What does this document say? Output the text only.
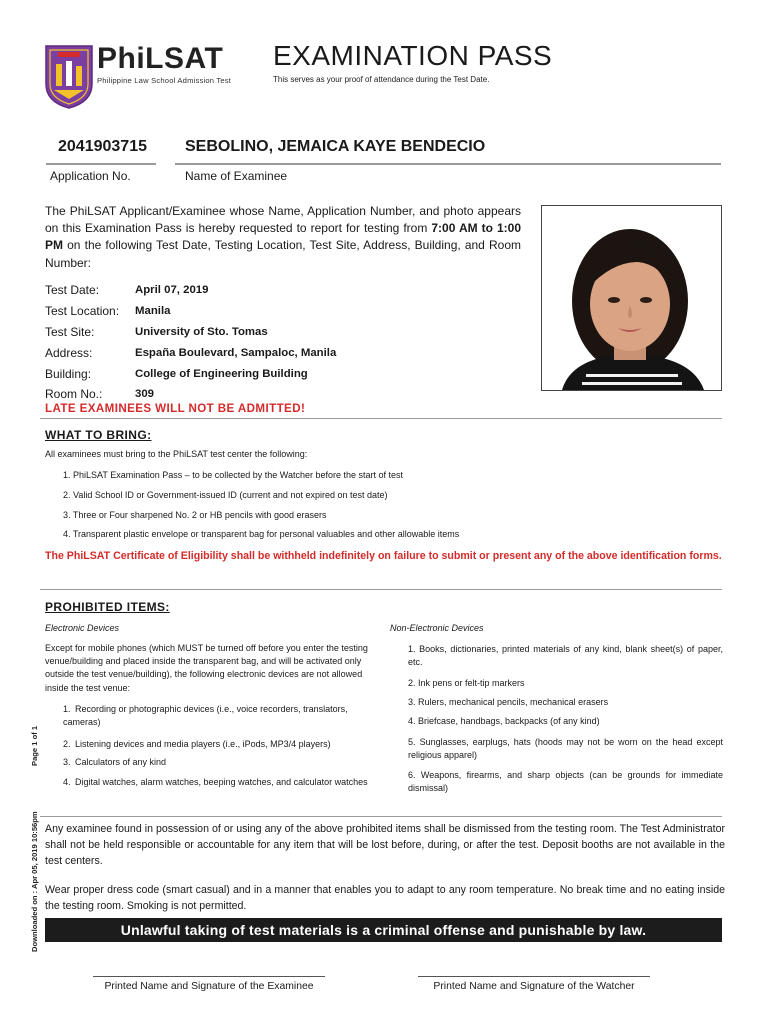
PhiLSAT
Philippine Law School Admission Test
EXAMINATION PASS
This serves as your proof of attendance during the Test Date.
2041903715 SEBOLINO, JEMAICA KAYE BENDECIO
Application No.	Name of Examinee
The PhiLSAT Applicant/Examinee whose Name, Application Number, and photo appears on this Examination Pass is hereby requested to report for testing from 7:00 AM to 1:00 PM on the following Test Date, Testing Location, Test Site, Address, Building, and Room Number:
Test Date:	April 07, 2019
Test Location: Manila
Test Site:	University of Sto. Tomas
Address:	España Boulevard, Sampaloc, Manila
Building:	College of Engineering Building
Room No.:	309
LATE EXAMINEES WILL NOT BE ADMITTED!
WHAT TO BRING:
All examinees must bring to the PhiLSAT test center the following:
1. PhiLSAT Examination Pass – to be collected by the Watcher before the start of test
2. Valid School ID or Government-issued ID (current and not expired on test date)
3. Three or Four sharpened No. 2 or HB pencils with good erasers
4. Transparent plastic envelope or transparent bag for personal valuables and other allowable items
The PhiLSAT Certificate of Eligibility shall be withheld indefinitely on failure to submit or present any of the above identification forms.
PROHIBITED ITEMS:
Electronic Devices	Non-Electronic Devices
Except for mobile phones (which MUST be turned off before you enter the testing venue/building and placed inside the transparent bag, and will be activated only outside the test venue/building), the following electronic devices are not allowed inside the test venue:
1. Recording or photographic devices (i.e., voice recorders, translators, cameras)
2. Listening devices and media players (i.e., iPods, MP3/4 players)
3. Calculators of any kind
4. Digital watches, alarm watches, beeping watches, and calculator watches
1. Books, dictionaries, printed materials of any kind, blank sheet(s) of paper, etc.
2. Ink pens or felt-tip markers
3. Rulers, mechanical pencils, mechanical erasers
4. Briefcase, handbags, backpacks (of any kind)
5. Sunglasses, earplugs, hats (hoods may not be worn on the head except religious apparel)
6. Weapons, firearms, and sharp objects (can be grounds for immediate dismissal)
Any examinee found in possession of or using any of the above prohibited items shall be dismissed from the testing room. The Test Administrator shall not be held responsible or accountable for any item that will be lost before, during, or after the test. Deposit booths are not available in the test centers.
Wear proper dress code (smart casual) and in a manner that enables you to adapt to any room temperature. No break time and no eating inside the testing room. Smoking is not permitted.
Unlawful taking of test materials is a criminal offense and punishable by law.
Printed Name and Signature of the Examinee	Printed Name and Signature of the Watcher
Page 1 of 1
Downloaded on : Apr 05, 2019 10:56pm
